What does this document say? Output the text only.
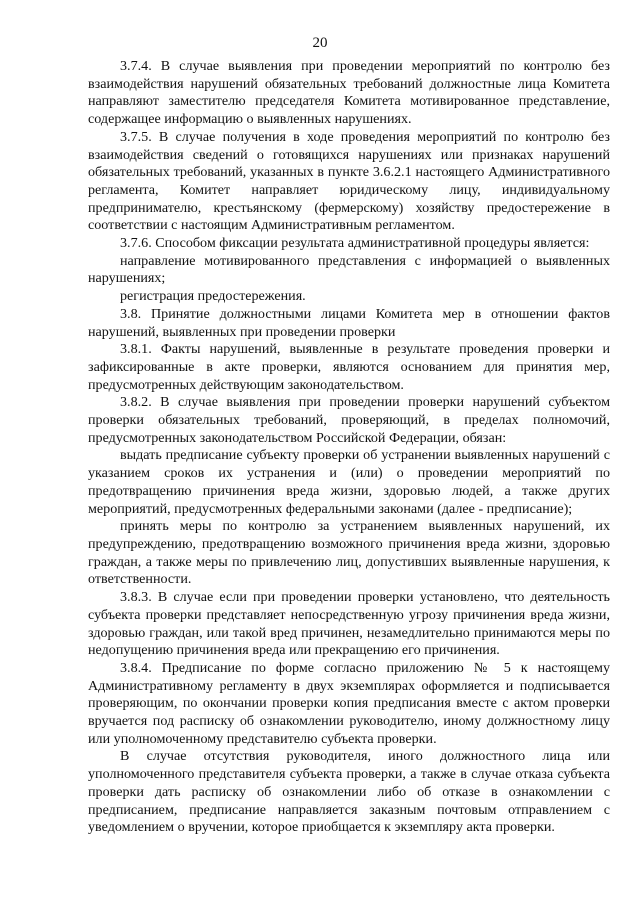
20

3.7.4. В случае выявления при проведении мероприятий по контролю без взаимодействия нарушений обязательных требований должностные лица Комитета направляют заместителю председателя Комитета мотивированное представление, содержащее информацию о выявленных нарушениях.

3.7.5. В случае получения в ходе проведения мероприятий по контролю без взаимодействия сведений о готовящихся нарушениях или признаках нарушений обязательных требований, указанных в пункте 3.6.2.1 настоящего Административного регламента, Комитет направляет юридическому лицу, индивидуальному предпринимателю, крестьянскому (фермерскому) хозяйству предостережение в соответствии с настоящим Административным регламентом.

3.7.6. Способом фиксации результата административной процедуры является:

направление мотивированного представления с информацией о выявленных нарушениях;

регистрация предостережения.

3.8. Принятие должностными лицами Комитета мер в отношении фактов нарушений, выявленных при проведении проверки

3.8.1. Факты нарушений, выявленные в результате проведения проверки и зафиксированные в акте проверки, являются основанием для принятия мер, предусмотренных действующим законодательством.

3.8.2. В случае выявления при проведении проверки нарушений субъектом проверки обязательных требований, проверяющий, в пределах полномочий, предусмотренных законодательством Российской Федерации, обязан:

выдать предписание субъекту проверки об устранении выявленных нарушений с указанием сроков их устранения и (или) о проведении мероприятий по предотвращению причинения вреда жизни, здоровью людей, а также других мероприятий, предусмотренных федеральными законами (далее - предписание);

принять меры по контролю за устранением выявленных нарушений, их предупреждению, предотвращению возможного причинения вреда жизни, здоровью граждан, а также меры по привлечению лиц, допустивших выявленные нарушения, к ответственности.

3.8.3. В случае если при проведении проверки установлено, что деятельность субъекта проверки представляет непосредственную угрозу причинения вреда жизни, здоровью граждан, или такой вред причинен, незамедлительно принимаются меры по недопущению причинения вреда или прекращению его причинения.

3.8.4. Предписание по форме согласно приложению № 5 к настоящему Административному регламенту в двух экземплярах оформляется и подписывается проверяющим, по окончании проверки копия предписания вместе с актом проверки вручается под расписку об ознакомлении руководителю, иному должностному лицу или уполномоченному представителю субъекта проверки.

В случае отсутствия руководителя, иного должностного лица или уполномоченного представителя субъекта проверки, а также в случае отказа субъекта проверки дать расписку об ознакомлении либо об отказе в ознакомлении с предписанием, предписание направляется заказным почтовым отправлением с уведомлением о вручении, которое приобщается к экземпляру акта проверки.
